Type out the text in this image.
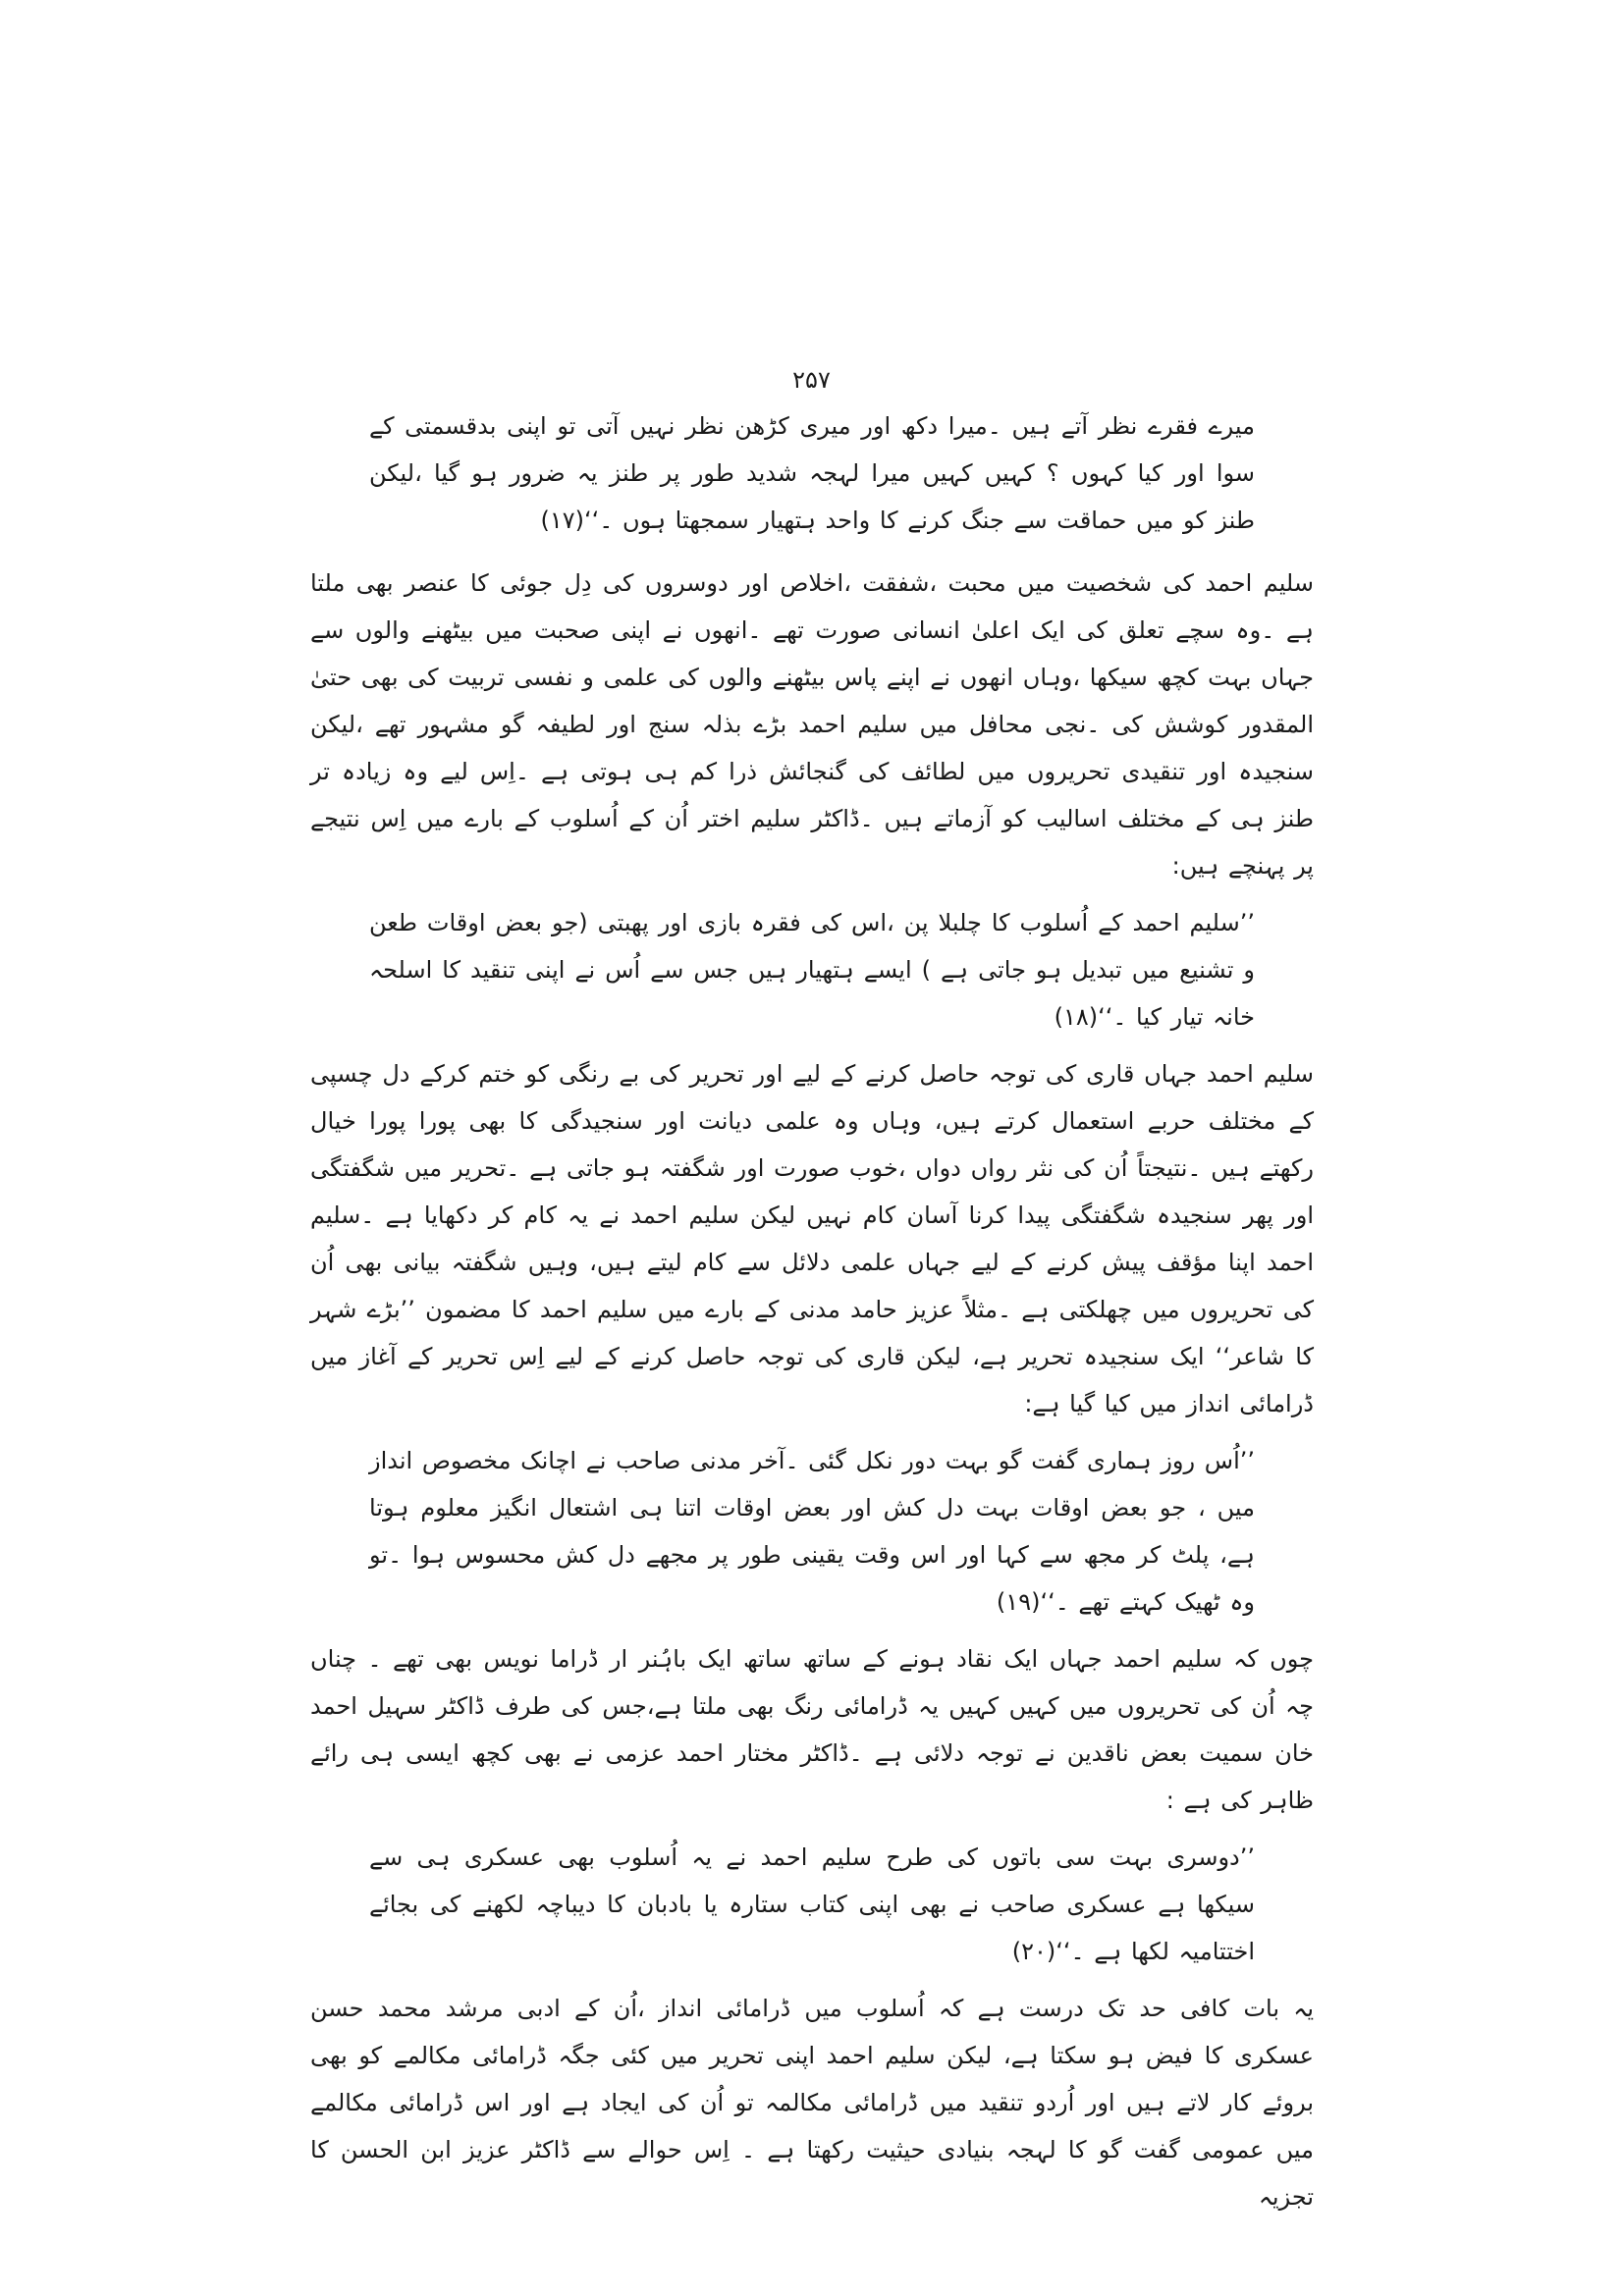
۲۵۷

میرے فقرے نظر آتے ہیں ۔میرا دکھ اور میری کڑھن نظر نہیں آتی تو اپنی بدقسمتی کے سوا اور کیا کہوں ؟ کہیں کہیں میرا لہجہ شدید طور پر طنز یہ ضرور ہو گیا ،لیکن طنز کو میں حماقت سے جنگ کرنے کا واحد ہتھیار سمجھتا ہوں ۔‘‘(۱۷)

سلیم احمد کی شخصیت میں محبت ،شفقت ،اخلاص اور دوسروں کی دِل جوئی کا عنصر بھی ملتا ہے ۔وہ سچے تعلق کی ایک اعلیٰ انسانی صورت تھے ۔انھوں نے اپنی صحبت میں بیٹھنے والوں سے جہاں بہت کچھ سیکھا ،وہاں انھوں نے اپنے پاس بیٹھنے والوں کی علمی و نفسی تربیت کی بھی حتیٰ المقدور کوشش کی ۔نجی محافل میں سلیم احمد بڑے بذلہ سنج اور لطیفہ گو مشہور تھے ،لیکن سنجیدہ اور تنقیدی تحریروں میں لطائف کی گنجائش ذرا کم ہی ہوتی ہے ۔اِس لیے وہ زیادہ تر طنز ہی کے مختلف اسالیب کو آزماتے ہیں ۔ڈاکٹر سلیم اختر اُن کے اُسلوب کے بارے میں اِس نتیجے پر پہنچے ہیں:

’’سلیم احمد کے اُسلوب کا چلبلا پن ،اس کی فقرہ بازی اور پھبتی (جو بعض اوقات طعن و تشنیع میں تبدیل ہو جاتی ہے ) ایسے ہتھیار ہیں جس سے اُس نے اپنی تنقید کا اسلحہ خانہ تیار کیا ۔‘‘(۱۸)

سلیم احمد جہاں قاری کی توجہ حاصل کرنے کے لیے اور تحریر کی بے رنگی کو ختم کرکے دل چسپی کے مختلف حربے استعمال کرتے ہیں، وہاں وہ علمی دیانت اور سنجیدگی کا بھی پورا پورا خیال رکھتے ہیں ۔نتیجتاً اُن کی نثر رواں دواں ،خوب صورت اور شگفتہ ہو جاتی ہے ۔تحریر میں شگفتگی اور پھر سنجیدہ شگفتگی پیدا کرنا آسان کام نہیں لیکن سلیم احمد نے یہ کام کر دکھایا ہے ۔سلیم احمد اپنا مؤقف پیش کرنے کے لیے جہاں علمی دلائل سے کام لیتے ہیں، وہیں شگفتہ بیانی بھی اُن کی تحریروں میں چھلکتی ہے ۔مثلاً عزیز حامد مدنی کے بارے میں سلیم احمد کا مضمون ’’بڑے شہر کا شاعر‘‘ ایک سنجیدہ تحریر ہے، لیکن قاری کی توجہ حاصل کرنے کے لیے اِس تحریر کے آغاز میں ڈرامائی انداز میں کیا گیا ہے:

’’اُس روز ہماری گفت گو بہت دور نکل گئی ۔آخر مدنی صاحب نے اچانک مخصوص انداز میں ، جو بعض اوقات بہت دل کش اور بعض اوقات اتنا ہی اشتعال انگیز معلوم ہوتا ہے، پلٹ کر مجھ سے کہا اور اس وقت یقینی طور پر مجھے دل کش محسوس ہوا ۔تو وہ ٹھیک کہتے تھے ۔‘‘(۱۹)

چوں کہ سلیم احمد جہاں ایک نقاد ہونے کے ساتھ ساتھ ایک باہُنر ار ڈراما نویس بھی تھے ۔ چناں چہ اُن کی تحریروں میں کہیں کہیں یہ ڈرامائی رنگ بھی ملتا ہے،جس کی طرف ڈاکٹر سہیل احمد خان سمیت بعض ناقدین نے توجہ دلائی ہے ۔ڈاکٹر مختار احمد عزمی نے بھی کچھ ایسی ہی رائے ظاہر کی ہے :

’’دوسری بہت سی باتوں کی طرح سلیم احمد نے یہ اُسلوب بھی عسکری ہی سے سیکھا ہے عسکری صاحب نے بھی اپنی کتاب ستارہ یا بادبان کا دیباچہ لکھنے کی بجائے اختتامیہ لکھا ہے ۔‘‘(۲۰)

یہ بات کافی حد تک درست ہے کہ اُسلوب میں ڈرامائی انداز ،اُن کے ادبی مرشد محمد حسن عسکری کا فیض ہو سکتا ہے، لیکن سلیم احمد اپنی تحریر میں کئی جگہ ڈرامائی مکالمے کو بھی بروئے کار لاتے ہیں اور اُردو تنقید میں ڈرامائی مکالمہ تو اُن کی ایجاد ہے اور اس ڈرامائی مکالمے میں عمومی گفت گو کا لہجہ بنیادی حیثیت رکھتا ہے ۔ اِس حوالے سے ڈاکٹر عزیز ابن الحسن کا تجزیہ
